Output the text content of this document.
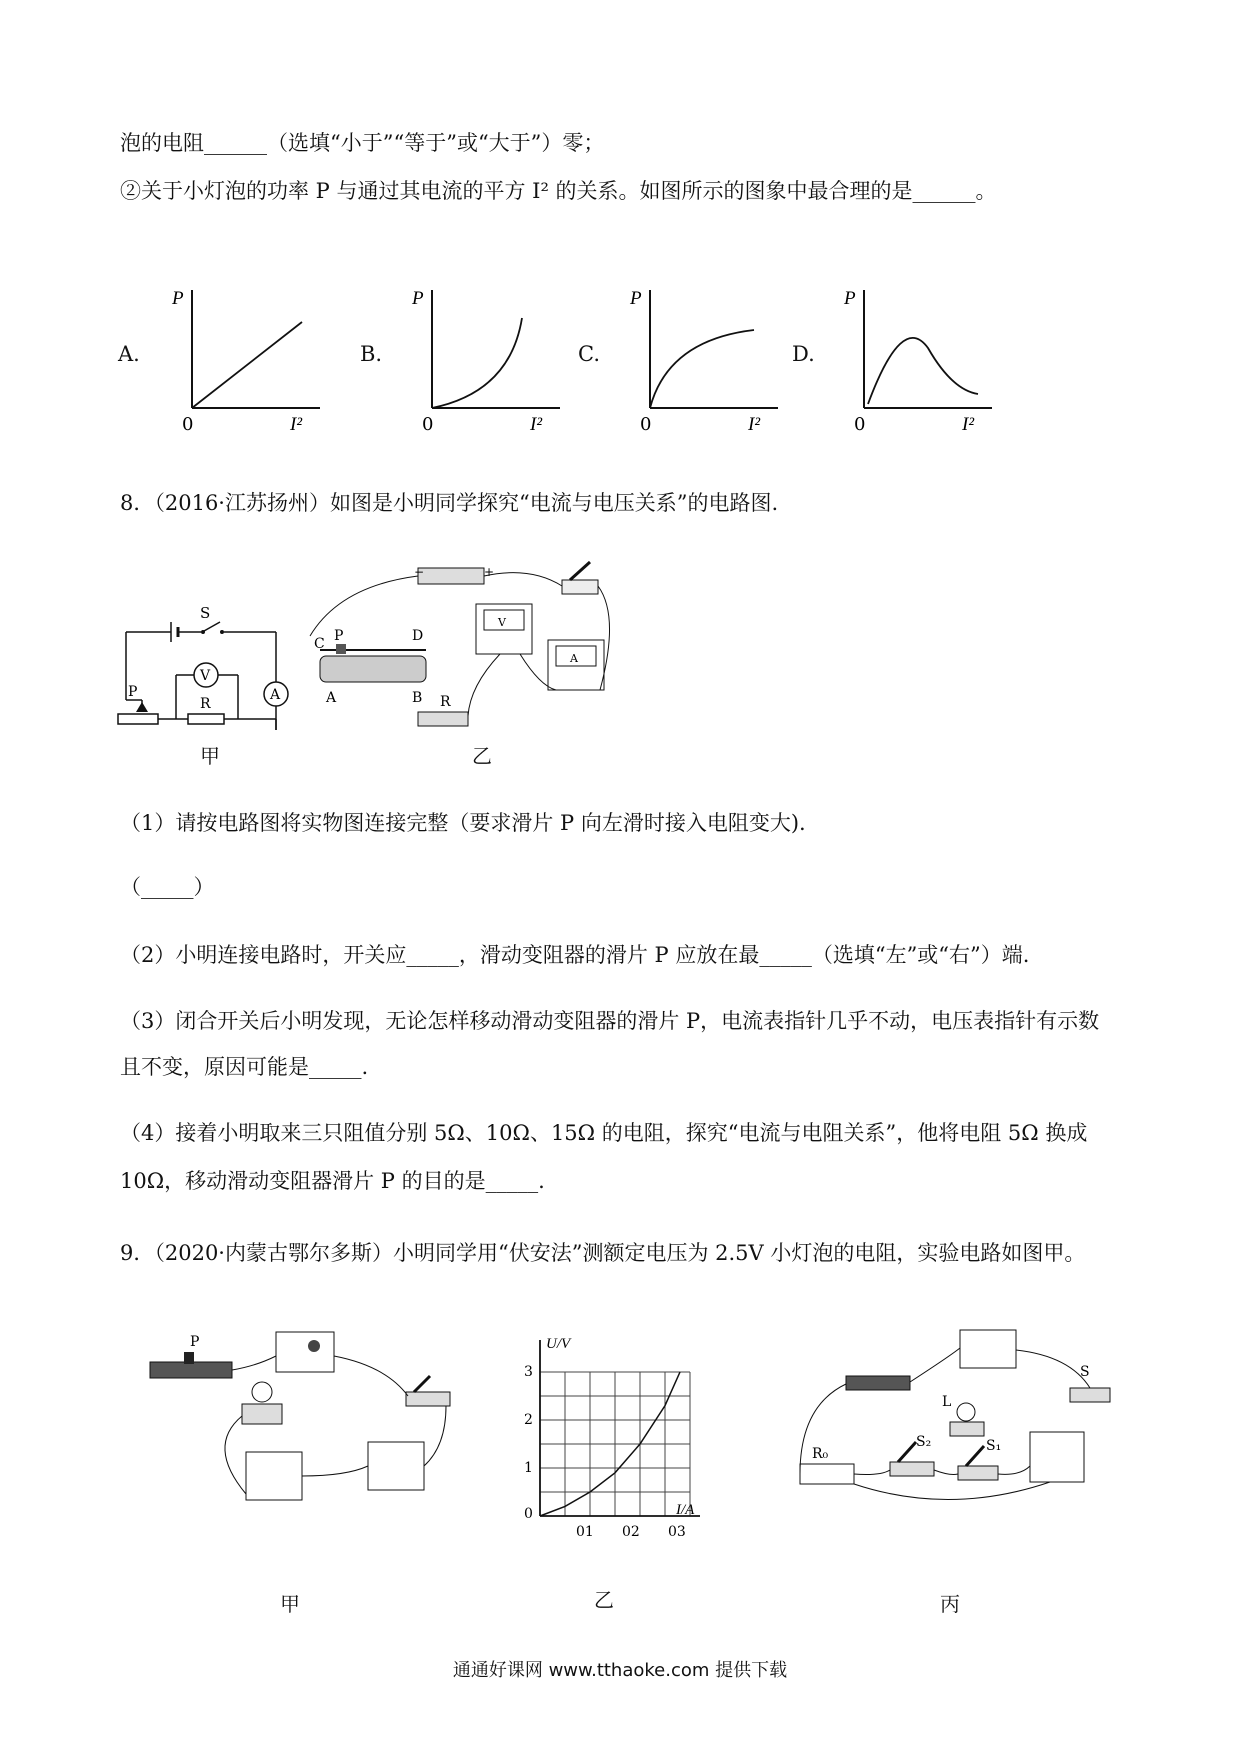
泡的电阻______（选填“小于”“等于”或“大于”）零；
②关于小灯泡的功率 P 与通过其电流的平方 I² 的关系。如图所示的图象中最合理的是______。
A.
P
I²
0
B.
P
I²
0
C.
P
I²
0
D.
P
I²
0
8．（2016·江苏扬州）如图是小明同学探究“电流与电压关系”的电路图.
S
A
P
V
R
甲
−	+
C P	D
A	B
V
A
R
乙
（1）请按电路图将实物图连接完整（要求滑片 P 向左滑时接入电阻变大).
（_____）
（2）小明连接电路时，开关应_____，滑动变阻器的滑片 P 应放在最_____（选填“左”或“右”）端.
（3）闭合开关后小明发现，无论怎样移动滑动变阻器的滑片 P，电流表指针几乎不动，电压表指针有示数
且不变，原因可能是_____.
（4）接着小明取来三只阻值分别 5Ω、10Ω、15Ω 的电阻，探究“电流与电阻关系”，他将电阻 5Ω 换成
10Ω，移动滑动变阻器滑片 P 的目的是_____.
9．（2020·内蒙古鄂尔多斯）小明同学用“伏安法”测额定电压为 2.5V 小灯泡的电阻，实验电路如图甲。
P
甲
U/V
I/A
0
1
2
3
01 02 03
乙
S
L
R₀
S₂	S₁
丙
通通好课网 www.tthaoke.com 提供下载
